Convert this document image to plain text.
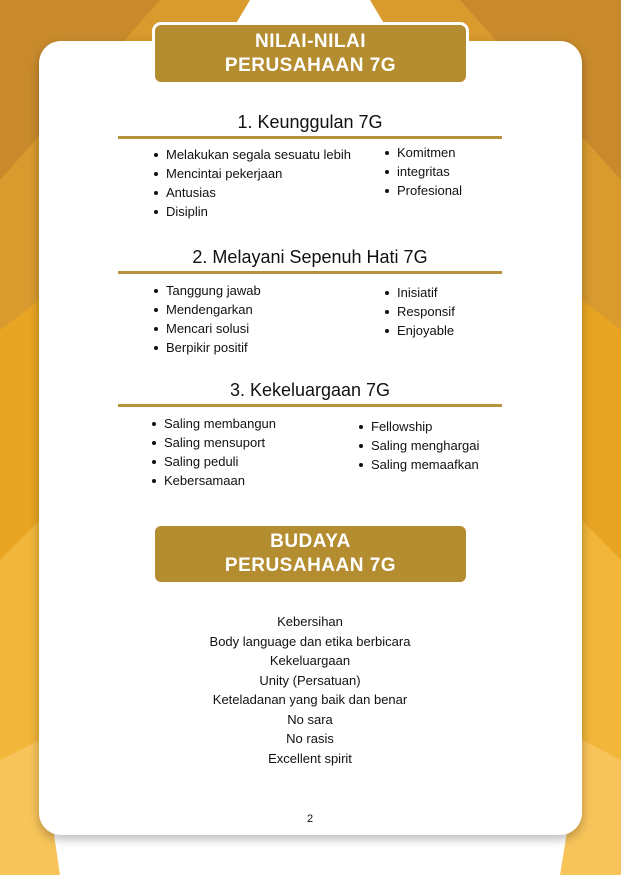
NILAI-NILAI
PERUSAHAAN 7G
1. Keunggulan 7G
Melakukan segala sesuatu lebih
Mencintai pekerjaan
Antusias
Disiplin
Komitmen
integritas
Profesional
2. Melayani Sepenuh Hati 7G
Tanggung jawab
Mendengarkan
Mencari solusi
Berpikir positif
Inisiatif
Responsif
Enjoyable
3. Kekeluargaan 7G
Saling membangun
Saling mensuport
Saling peduli
Kebersamaan
Fellowship
Saling menghargai
Saling memaafkan
BUDAYA
PERUSAHAAN 7G
Kebersihan
Body language dan etika berbicara
Kekeluargaan
Unity (Persatuan)
Keteladanan yang baik dan benar
No sara
No rasis
Excellent spirit
2
